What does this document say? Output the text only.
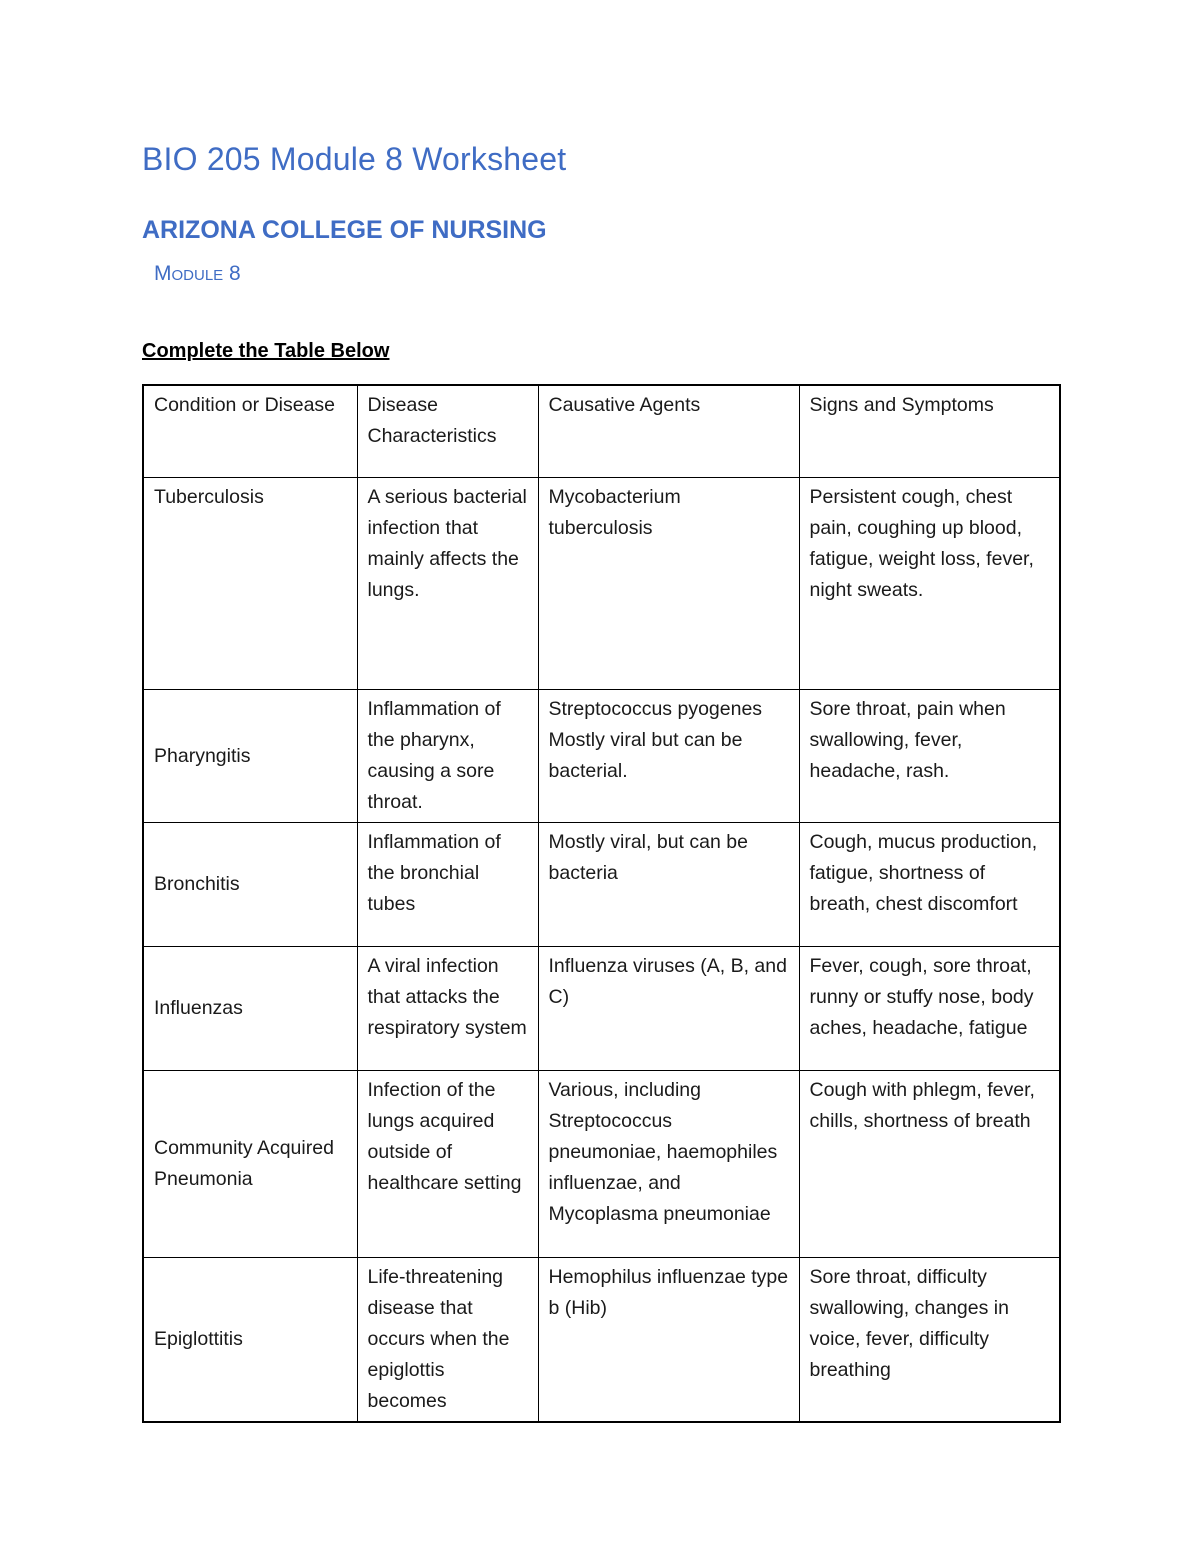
BIO 205 Module 8 Worksheet
ARIZONA COLLEGE OF NURSING
Module 8
Complete the Table Below
Condition or Disease	Disease Characteristics	Causative Agents	Signs and Symptoms
Tuberculosis	A serious bacterial infection that mainly affects the lungs.	Mycobacterium tuberculosis	Persistent cough, chest pain, coughing up blood, fatigue, weight loss, fever, night sweats.
Pharyngitis	Inflammation of the pharynx, causing a sore throat.	Streptococcus pyogenes Mostly viral but can be bacterial.	Sore throat, pain when swallowing, fever, headache, rash.
Bronchitis	Inflammation of the bronchial tubes	Mostly viral, but can be bacteria	Cough, mucus production, fatigue, shortness of breath, chest discomfort
Influenzas	A viral infection that attacks the respiratory system	Influenza viruses (A, B, and C)	Fever, cough, sore throat, runny or stuffy nose, body aches, headache, fatigue
Community Acquired Pneumonia	Infection of the lungs acquired outside of healthcare setting	Various, including Streptococcus pneumoniae, haemophiles influenzae, and Mycoplasma pneumoniae	Cough with phlegm, fever, chills, shortness of breath
Epiglottitis	Life-threatening disease that occurs when the epiglottis becomes	Hemophilus influenzae type b (Hib)	Sore throat, difficulty swallowing, changes in voice, fever, difficulty breathing
